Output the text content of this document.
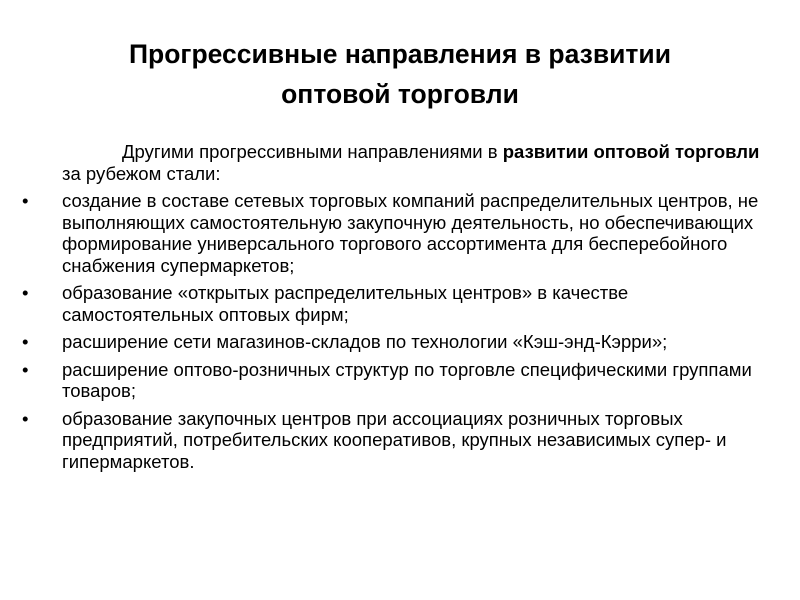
Прогрессивные направления в развитии
оптовой торговли

Другими прогрессивными направлениями в развитии оптовой торговли за рубежом стали:

•	создание в составе сетевых торговых компаний распределительных центров, не выполняющих самостоятельную закупочную деятельность, но обеспечивающих формирование универсального торгового ассортимента для бесперебойного снабжения супермаркетов;
•	образование «открытых распределительных центров» в качестве самостоятельных оптовых фирм;
•	расширение сети магазинов-складов по технологии «Кэш-энд-Кэрри»;
•	расширение оптово-розничных структур по торговле специфическими группами товаров;
•	образование закупочных центров при ассоциациях розничных торговых предприятий, потребительских кооперативов, крупных независимых супер- и гипермаркетов.
